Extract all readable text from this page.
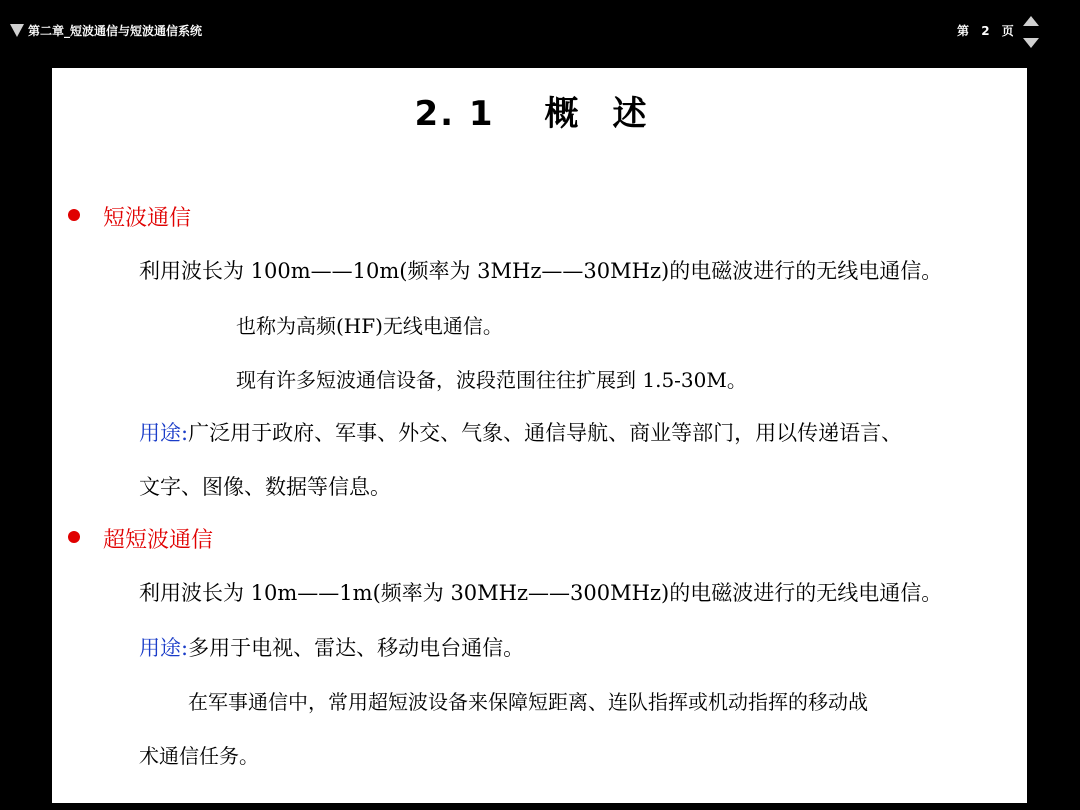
第二章_短波通信与短波通信系统	第 2 页
2. 1 概 述
短波通信
利用波长为 100m——10m(频率为 3MHz——30MHz)的电磁波进行的无线电通信。
也称为高频(HF)无线电通信。
现有许多短波通信设备，波段范围往往扩展到 1.5-30M。
用途:广泛用于政府、军事、外交、气象、通信导航、商业等部门，用以传递语言、
文字、图像、数据等信息。
超短波通信
利用波长为 10m——1m(频率为 30MHz——300MHz)的电磁波进行的无线电通信。
用途:多用于电视、雷达、移动电台通信。
在军事通信中，常用超短波设备来保障短距离、连队指挥或机动指挥的移动战
术通信任务。
